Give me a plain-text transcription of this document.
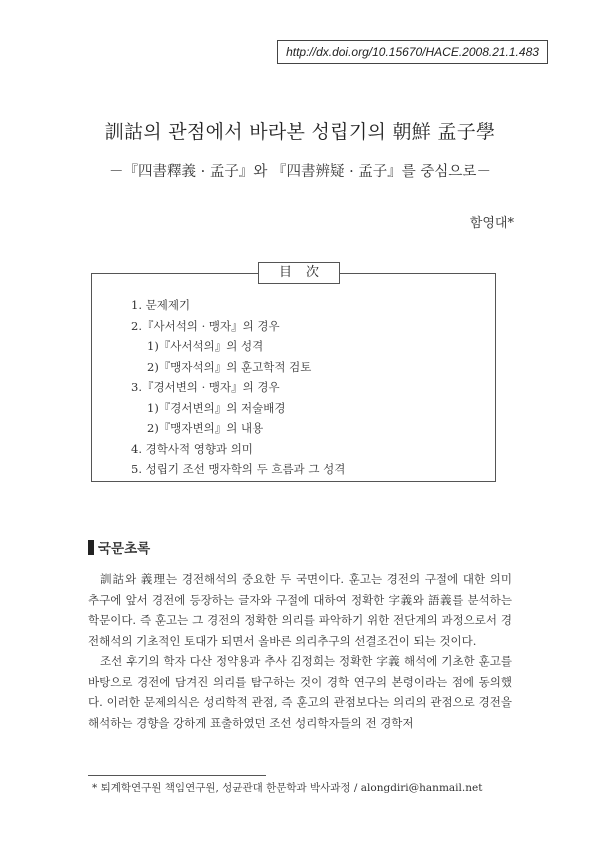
http://dx.doi.org/10.15670/HACE.2008.21.1.483
訓詁의 관점에서 바라본 성립기의 朝鮮 孟子學
－『四書釋義 · 孟子』와 『四書辨疑 · 孟子』를 중심으로－
함영대*
目次
1. 문제제기
2.『사서석의 · 맹자』의 경우
1)『사서석의』의 성격
2)『맹자석의』의 훈고학적 검토
3.『경서변의 · 맹자』의 경우
1)『경서변의』의 저술배경
2)『맹자변의』의 내용
4. 경학사적 영향과 의미
5. 성립기 조선 맹자학의 두 흐름과 그 성격
국문초록

訓詁와 義理는 경전해석의 중요한 두 국면이다. 훈고는 경전의 구절에 대한 의미 추구에 앞서 경전에 등장하는 글자와 구절에 대하여 정확한 字義와 語義를 분석하는 학문이다. 즉 훈고는 그 경전의 정확한 의리를 파악하기 위한 전단계의 과정으로서 경전해석의 기초적인 토대가 되면서 올바른 의리추구의 선결조건이 되는 것이다.

조선 후기의 학자 다산 정약용과 추사 김정희는 정확한 字義 해석에 기초한 훈고를 바탕으로 경전에 담겨진 의리를 탐구하는 것이 경학 연구의 본령이라는 점에 동의했다. 이러한 문제의식은 성리학적 관점, 즉 훈고의 관점보다는 의리의 관점으로 경전을 해석하는 경향을 강하게 표출하였던 조선 성리학자들의 전 경학저

* 퇴계학연구원 책임연구원, 성균관대 한문학과 박사과정 / alongdiri@hanmail.net
